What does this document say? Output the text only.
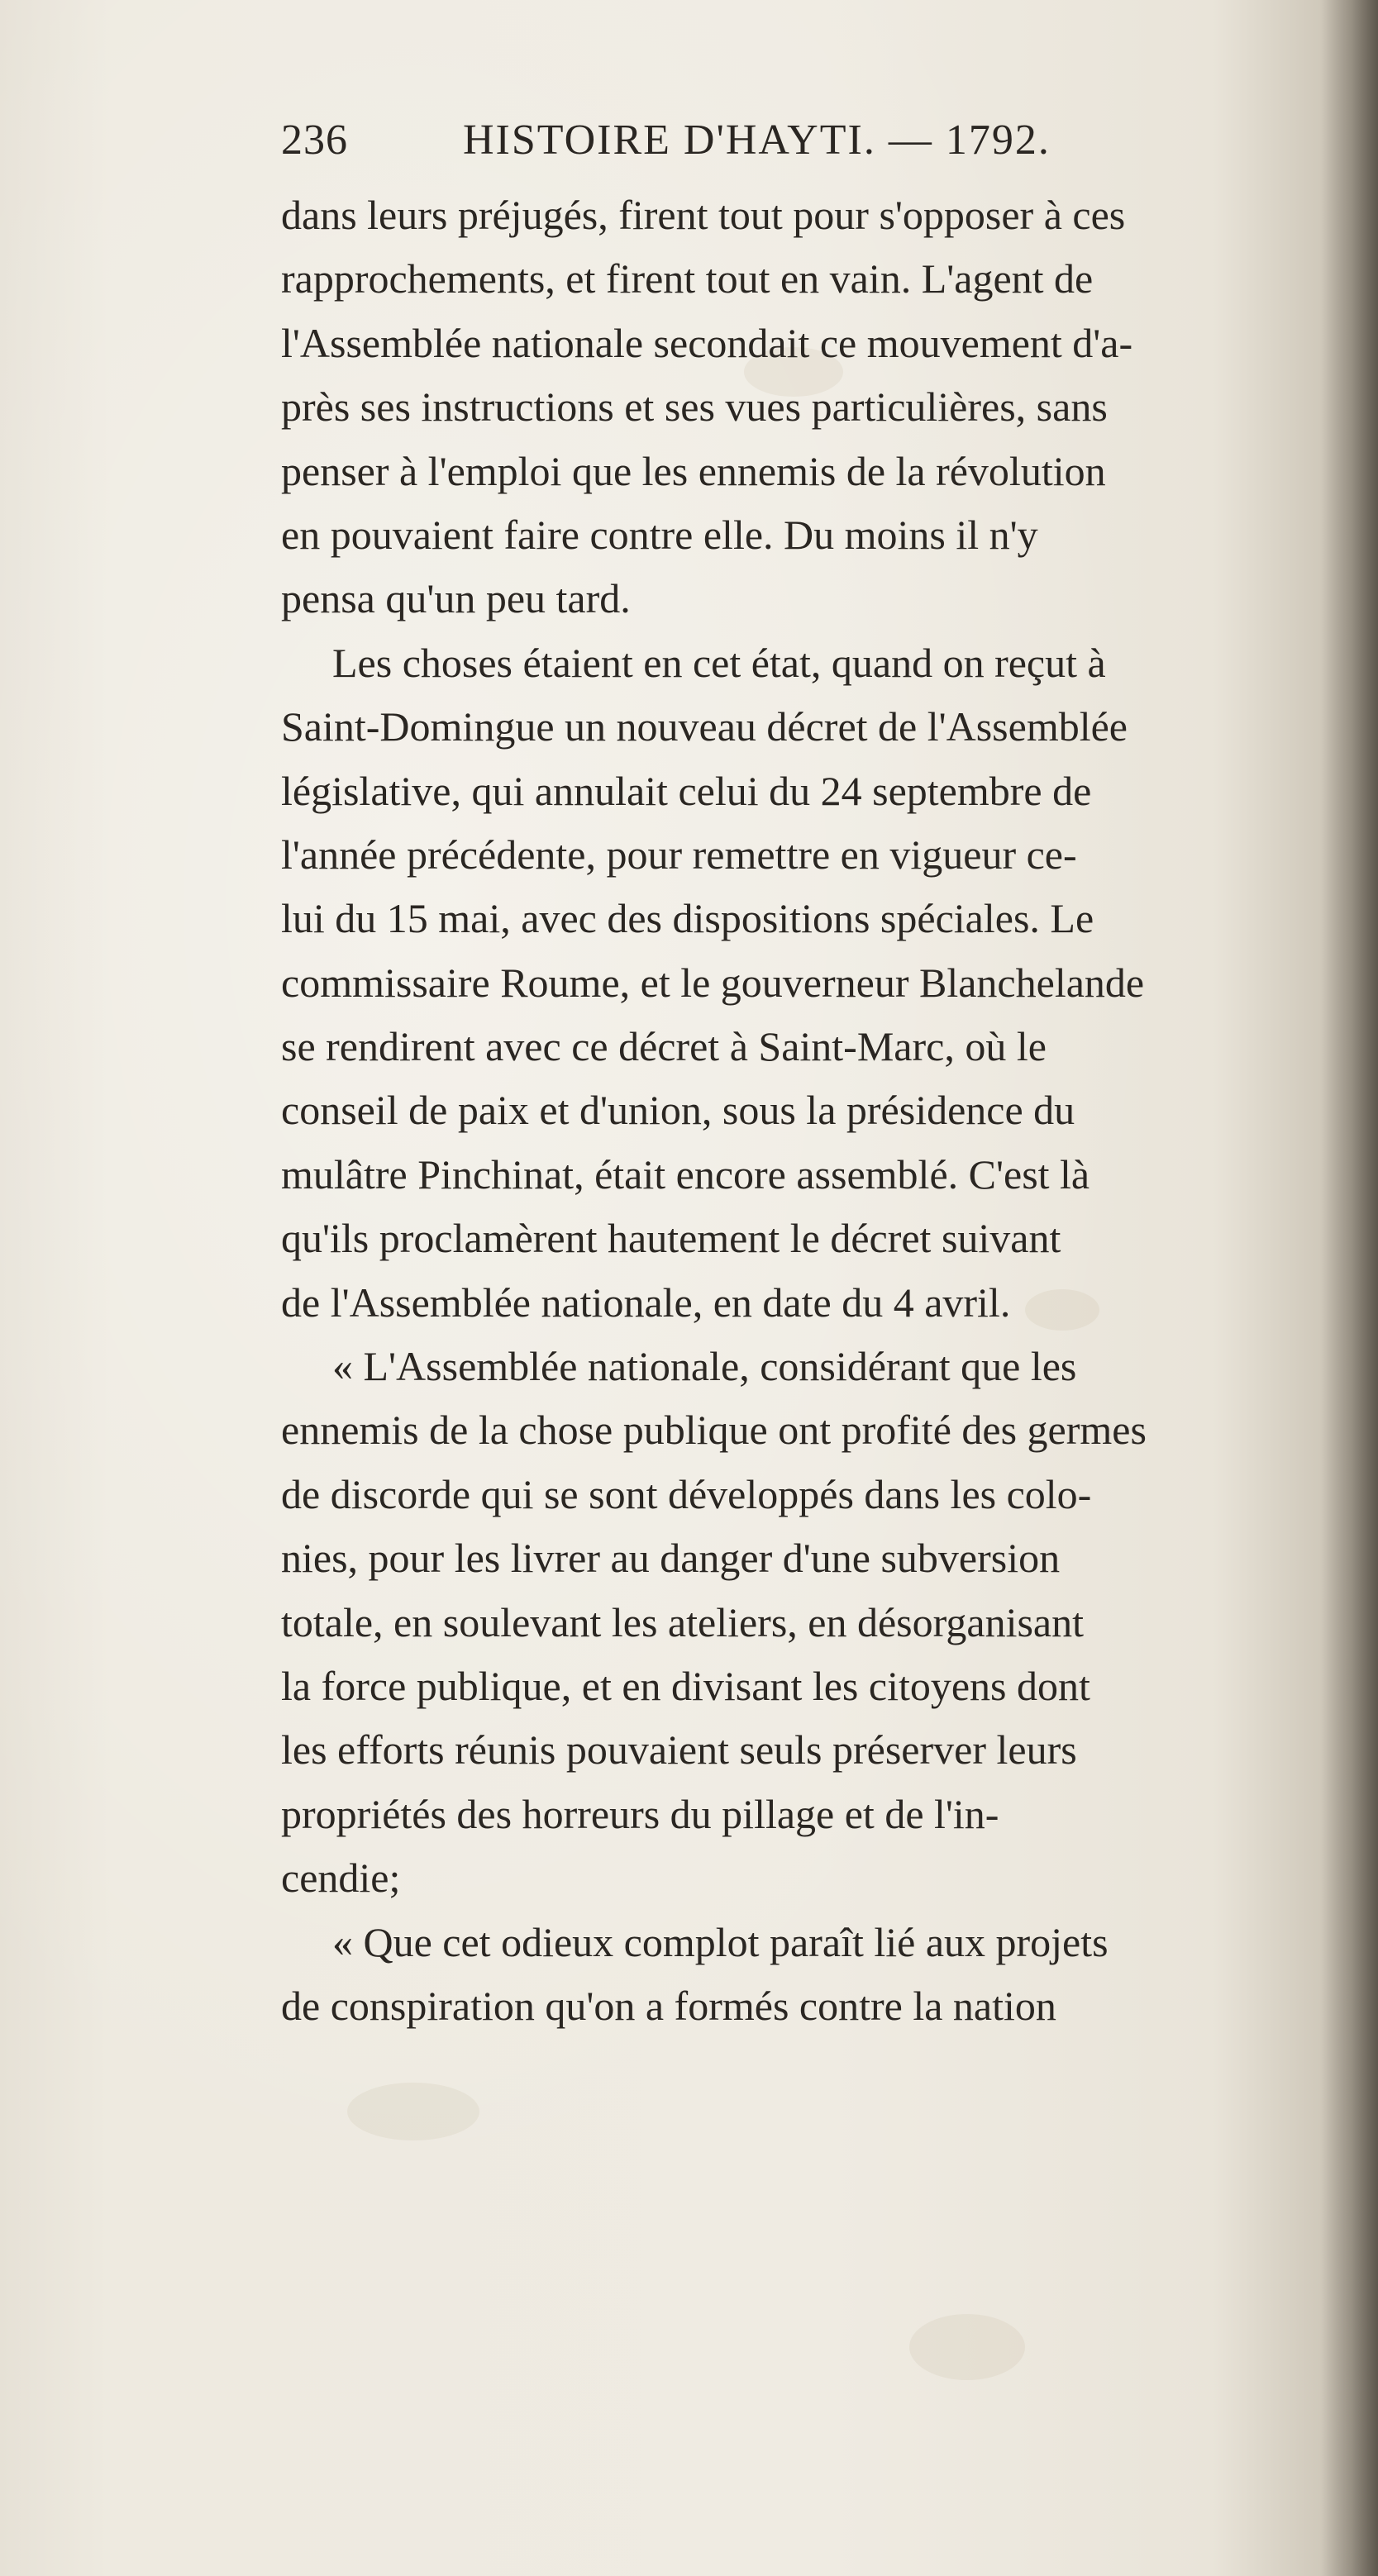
236	HISTOIRE D'HAYTI. — 1792.
dans leurs préjugés, firent tout pour s'opposer à ces
rapprochements, et firent tout en vain. L'agent de
l'Assemblée nationale secondait ce mouvement d'a-
près ses instructions et ses vues particulières, sans
penser à l'emploi que les ennemis de la révolution
en pouvaient faire contre elle. Du moins il n'y
pensa qu'un peu tard.
Les choses étaient en cet état, quand on reçut à
Saint-Domingue un nouveau décret de l'Assemblée
législative, qui annulait celui du 24 septembre de
l'année précédente, pour remettre en vigueur ce-
lui du 15 mai, avec des dispositions spéciales. Le
commissaire Roume, et le gouverneur Blanchelande
se rendirent avec ce décret à Saint-Marc, où le
conseil de paix et d'union, sous la présidence du
mulâtre Pinchinat, était encore assemblé. C'est là
qu'ils proclamèrent hautement le décret suivant
de l'Assemblée nationale, en date du 4 avril.
« L'Assemblée nationale, considérant que les
ennemis de la chose publique ont profité des germes
de discorde qui se sont développés dans les colo-
nies, pour les livrer au danger d'une subversion
totale, en soulevant les ateliers, en désorganisant
la force publique, et en divisant les citoyens dont
les efforts réunis pouvaient seuls préserver leurs
propriétés des horreurs du pillage et de l'in-
cendie;
« Que cet odieux complot paraît lié aux projets
de conspiration qu'on a formés contre la nation
